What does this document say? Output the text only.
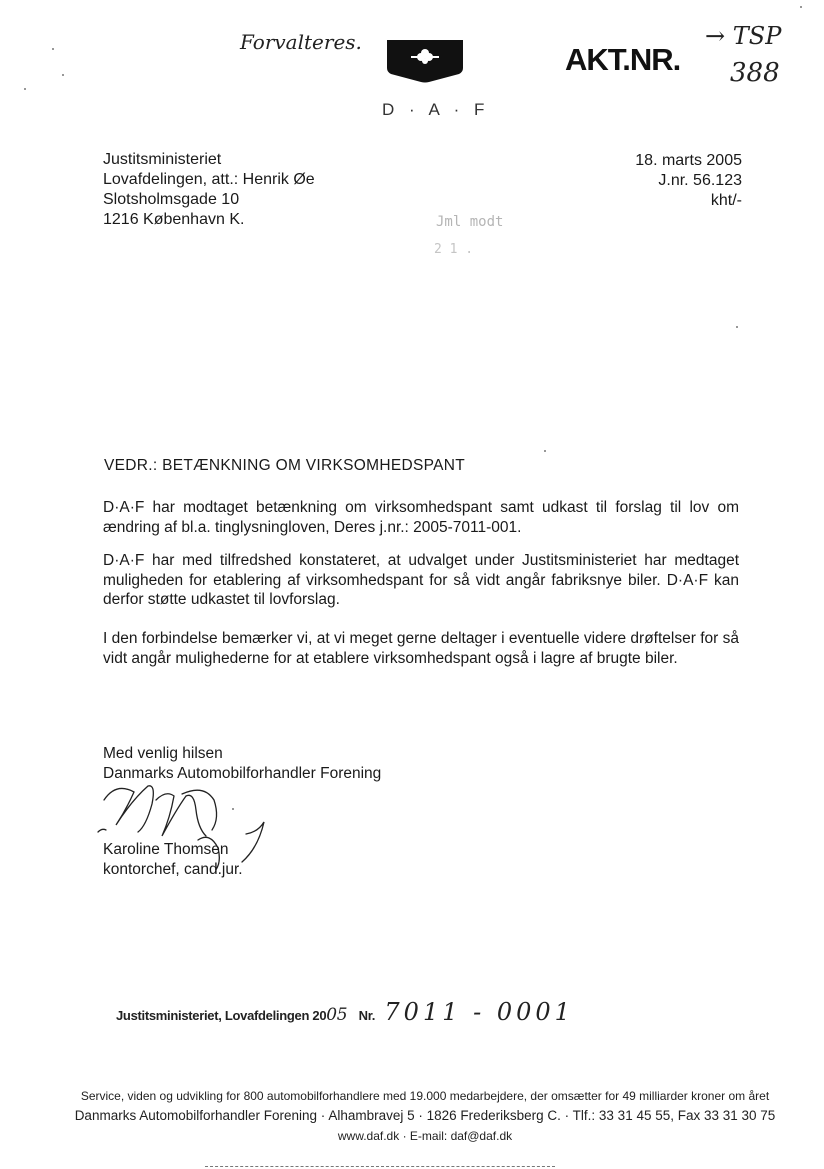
D · A · F
Forvalteres.	→ TSP
AKT.NR. 388
Justitsministeriet
Lovafdelingen, att.: Henrik Øe
Slotsholmsgade 10
1216 København K.
18. marts 2005
J.nr. 56.123
kht/-
Jml modt
2 1 .
VEDR.: BETÆNKNING OM VIRKSOMHEDSPANT
D·A·F har modtaget betænkning om virksomhedspant samt udkast til forslag til lov om ændring af bl.a. tinglysningloven, Deres j.nr.: 2005-7011-001.
D·A·F har med tilfredshed konstateret, at udvalget under Justitsministeriet har medtaget muligheden for etablering af virksomhedspant for så vidt angår fabriksnye biler. D·A·F kan derfor støtte udkastet til lovforslag.
I den forbindelse bemærker vi, at vi meget gerne deltager i eventuelle videre drøftelser for så vidt angår mulighederne for at etablere virksomhedspant også i lagre af brugte biler.
Med venlig hilsen
Danmarks Automobilforhandler Forening
Karoline Thomsen
kontorchef, cand.jur.
Justitsministeriet, Lovafdelingen 2005 Nr. 7011 - 0001
Service, viden og udvikling for 800 automobilforhandlere med 19.000 medarbejdere, der omsætter for 49 milliarder kroner om året
Danmarks Automobilforhandler Forening · Alhambravej 5 · 1826 Frederiksberg C. · Tlf.: 33 31 45 55, Fax 33 31 30 75
www.daf.dk · E-mail: daf@daf.dk
